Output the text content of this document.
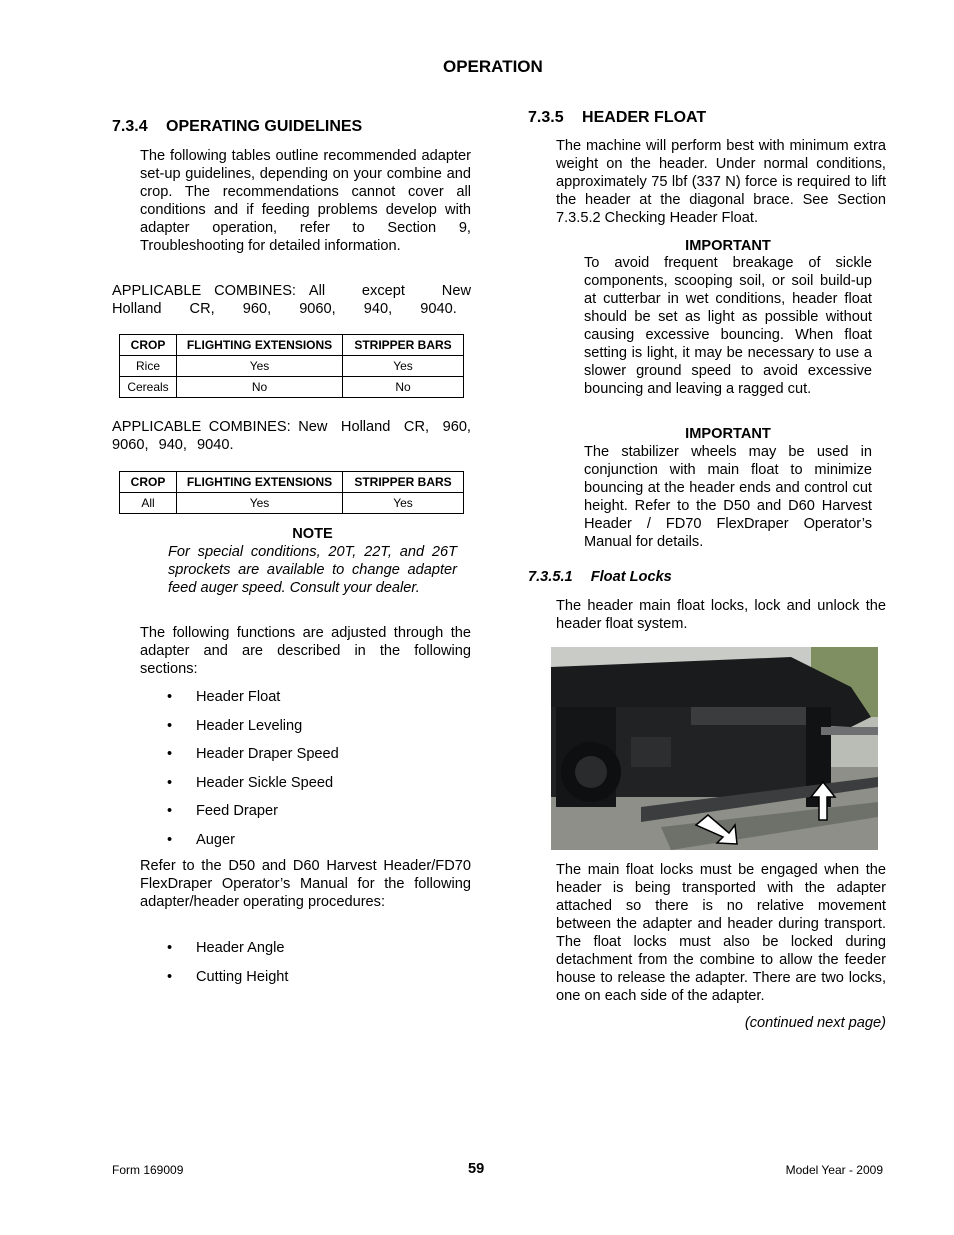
OPERATION
7.3.4 OPERATING GUIDELINES
The following tables outline recommended adapter set-up guidelines, depending on your combine and crop. The recommendations cannot cover all conditions and if feeding problems develop with adapter operation, refer to Section 9, Troubleshooting for detailed information.
APPLICABLE COMBINES: All except New Holland CR, 960, 9060, 940, 9040.
CROP	FLIGHTING EXTENSIONS	STRIPPER BARS
Rice	Yes	Yes
Cereals	No	No
APPLICABLE COMBINES: New Holland CR, 960, 9060, 940, 9040.
CROP	FLIGHTING EXTENSIONS	STRIPPER BARS
All	Yes	Yes
NOTE
For special conditions, 20T, 22T, and 26T sprockets are available to change adapter feed auger speed. Consult your dealer.
The following functions are adjusted through the adapter and are described in the following sections:
• Header Float
• Header Leveling
• Header Draper Speed
• Header Sickle Speed
• Feed Draper
• Auger
Refer to the D50 and D60 Harvest Header/FD70 FlexDraper Operator’s Manual for the following adapter/header operating procedures:
• Header Angle
• Cutting Height
7.3.5 HEADER FLOAT
The machine will perform best with minimum extra weight on the header. Under normal conditions, approximately 75 lbf (337 N) force is required to lift the header at the diagonal brace. See Section 7.3.5.2 Checking Header Float.
IMPORTANT
To avoid frequent breakage of sickle components, scooping soil, or soil build-up at cutterbar in wet conditions, header float should be set as light as possible without causing excessive bouncing. When float setting is light, it may be necessary to use a slower ground speed to avoid excessive bouncing and leaving a ragged cut.
IMPORTANT
The stabilizer wheels may be used in conjunction with main float to minimize bouncing at the header ends and control cut height. Refer to the D50 and D60 Harvest Header / FD70 FlexDraper Operator’s Manual for details.
7.3.5.1 Float Locks
The header main float locks, lock and unlock the header float system.
The main float locks must be engaged when the header is being transported with the adapter attached so there is no relative movement between the adapter and header during transport. The float locks must also be locked during detachment from the combine to allow the feeder house to release the adapter. There are two locks, one on each side of the adapter.
(continued next page)
Form 169009	59	Model Year - 2009
